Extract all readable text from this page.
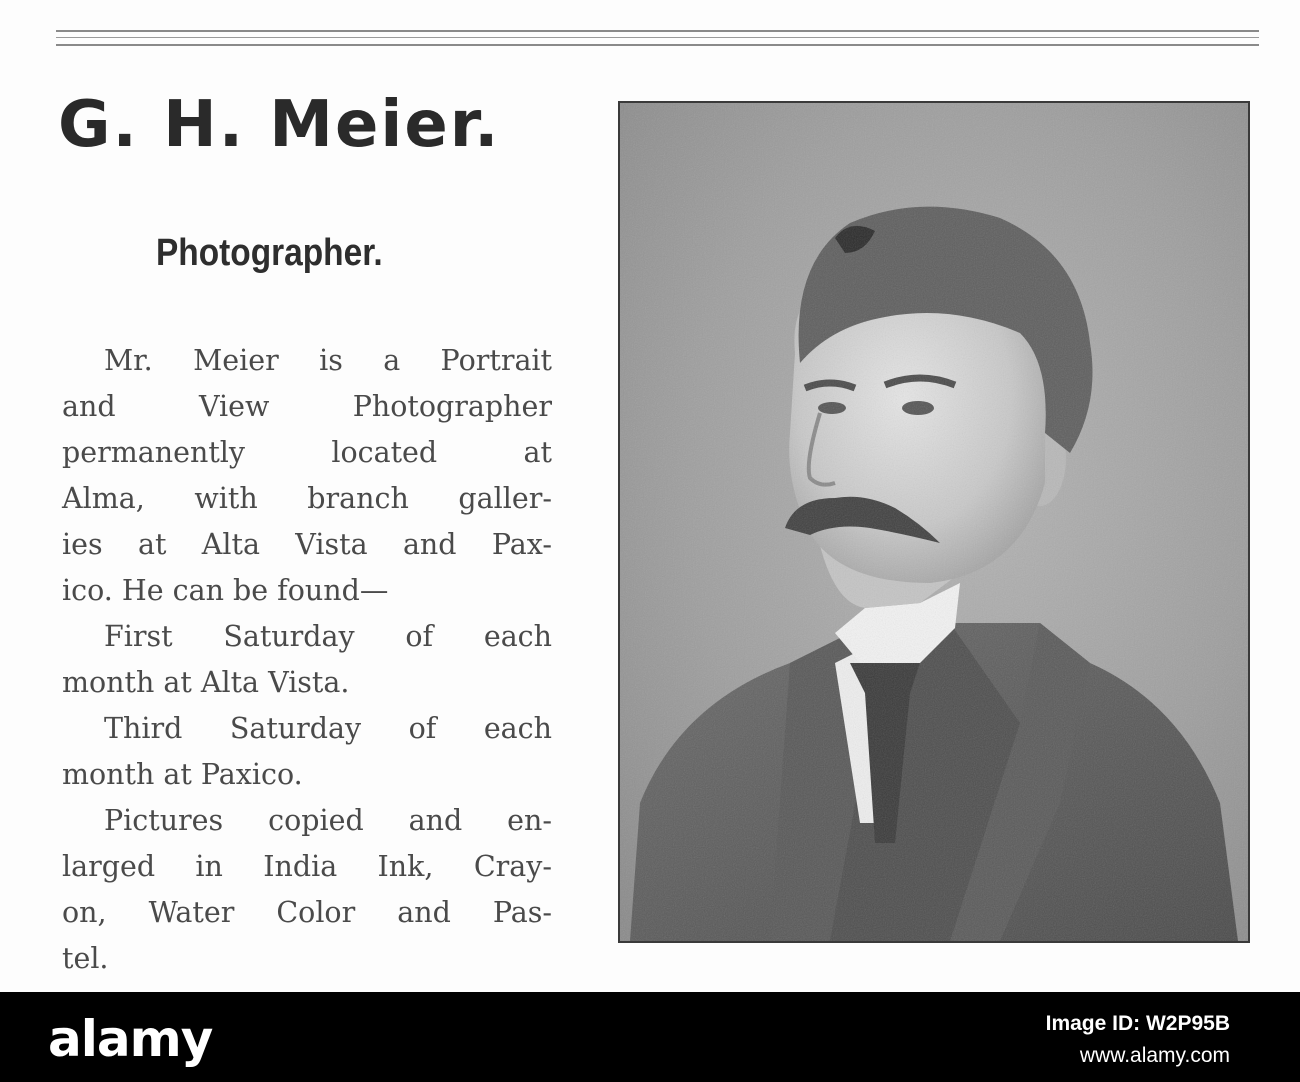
G. H. Meier.
Photographer.
Mr. Meier is a Portrait
and View Photographer
permanently located at
Alma, with branch galler-
ies at Alta Vista and Pax-
ico. He can be found—
First Saturday of each
month at Alta Vista.
Third Saturday of each
month at Paxico.
Pictures copied and en-
larged in India Ink, Cray-
on, Water Color and Pas-
tel.
alamy	Image ID: W2P95B
www.alamy.com
